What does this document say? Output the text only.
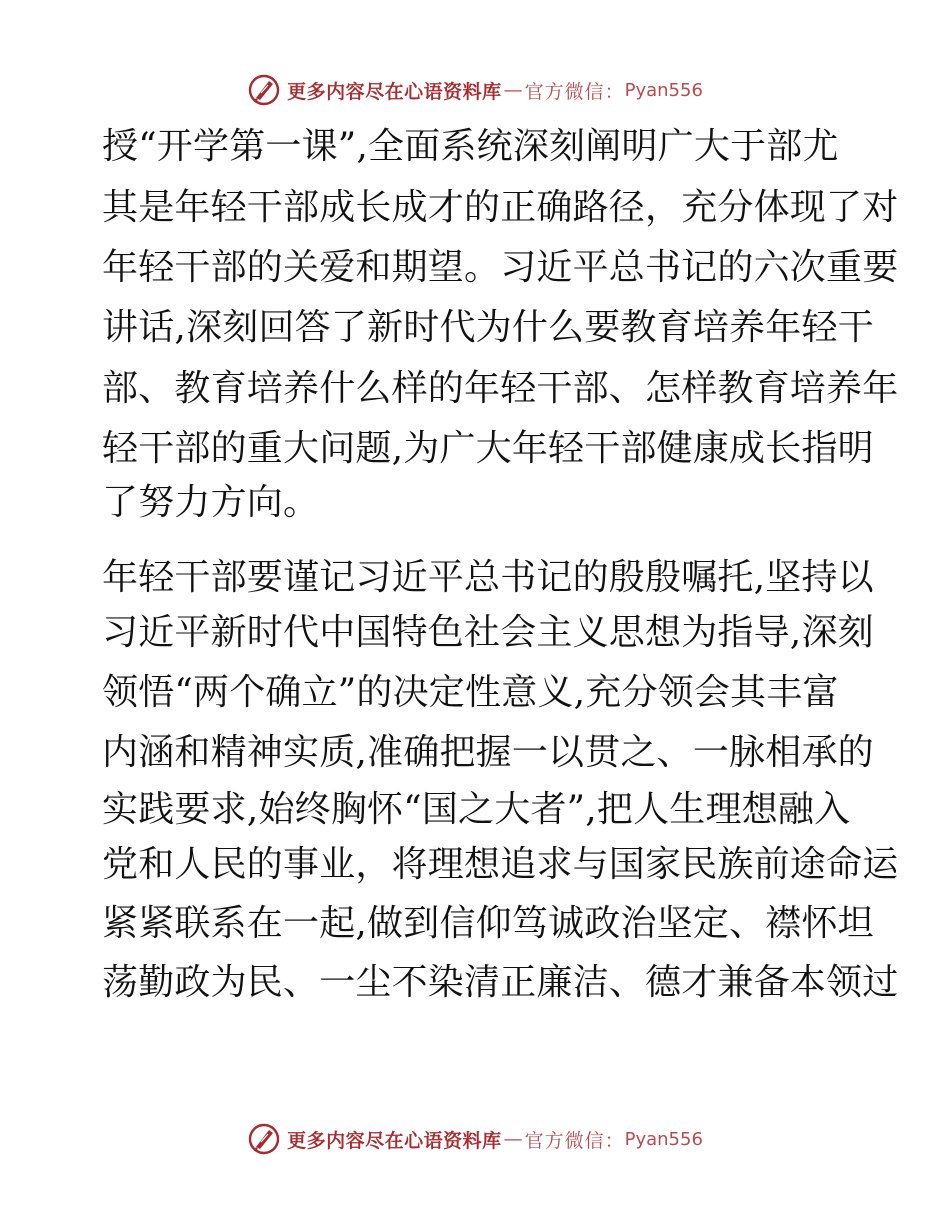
更多内容尽在心语资料库 — 官方微信： Pyan556
授“开学第一课”,全面系统深刻阐明广大于部尤
其是年轻干部成长成才的正确路径，充分体现了对
年轻干部的关爱和期望。习近平总书记的六次重要
讲话,深刻回答了新时代为什么要教育培养年轻干
部、教育培养什么样的年轻干部、怎样教育培养年
轻干部的重大问题,为广大年轻干部健康成长指明
了努力方向。
年轻干部要谨记习近平总书记的殷殷嘱托,坚持以
习近平新时代中国特色社会主义思想为指导,深刻
领悟“两个确立”的决定性意义,充分领会其丰富
内涵和精神实质,准确把握一以贯之、一脉相承的
实践要求,始终胸怀“国之大者”,把人生理想融入
党和人民的事业，将理想追求与国家民族前途命运
紧紧联系在一起,做到信仰笃诚政治坚定、襟怀坦
荡勤政为民、一尘不染清正廉洁、德才兼备本领过
更多内容尽在心语资料库 — 官方微信： Pyan556
